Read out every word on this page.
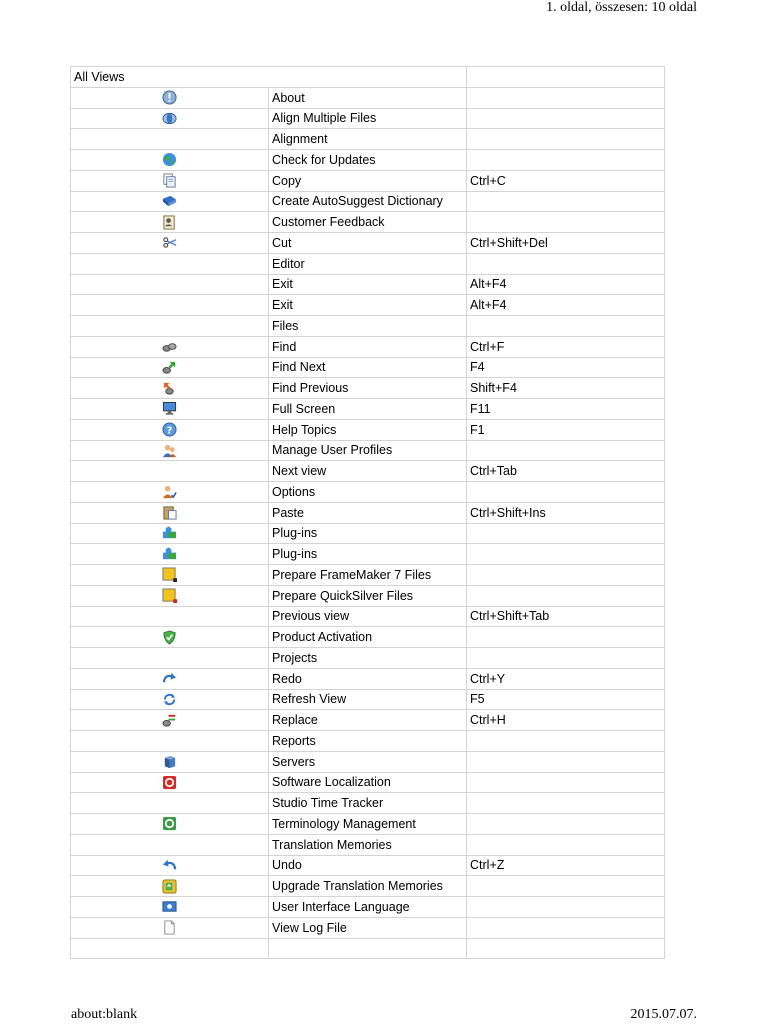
1. oldal, összesen: 10 oldal
All Views		

	About	

	Align Multiple Files	
	Alignment	

	Check for Updates	

	Copy	Ctrl+C

	Create AutoSuggest Dictionary	

	Customer Feedback	

	Cut	Ctrl+Shift+Del
	Editor	
	Exit	Alt+F4
	Exit	Alt+F4
	Files	

	Find	Ctrl+F

	Find Next	F4

	Find Previous	Shift+F4

	Full Screen	F11

?	Help Topics	F1

	Manage User Profiles	
	Next view	Ctrl+Tab

	Options	

	Paste	Ctrl+Shift+Ins

	Plug-ins	

	Plug-ins	

	Prepare FrameMaker 7 Files	

	Prepare QuickSilver Files	
	Previous view	Ctrl+Shift+Tab

	Product Activation	
	Projects	

	Redo	Ctrl+Y

	Refresh View	F5

	Replace	Ctrl+H
	Reports	

	Servers	

	Software Localization	
	Studio Time Tracker	

	Terminology Management	
	Translation Memories	

	Undo	Ctrl+Z

	Upgrade Translation Memories	

	User Interface Language	

	View Log File	

about:blank	2015.07.07.
